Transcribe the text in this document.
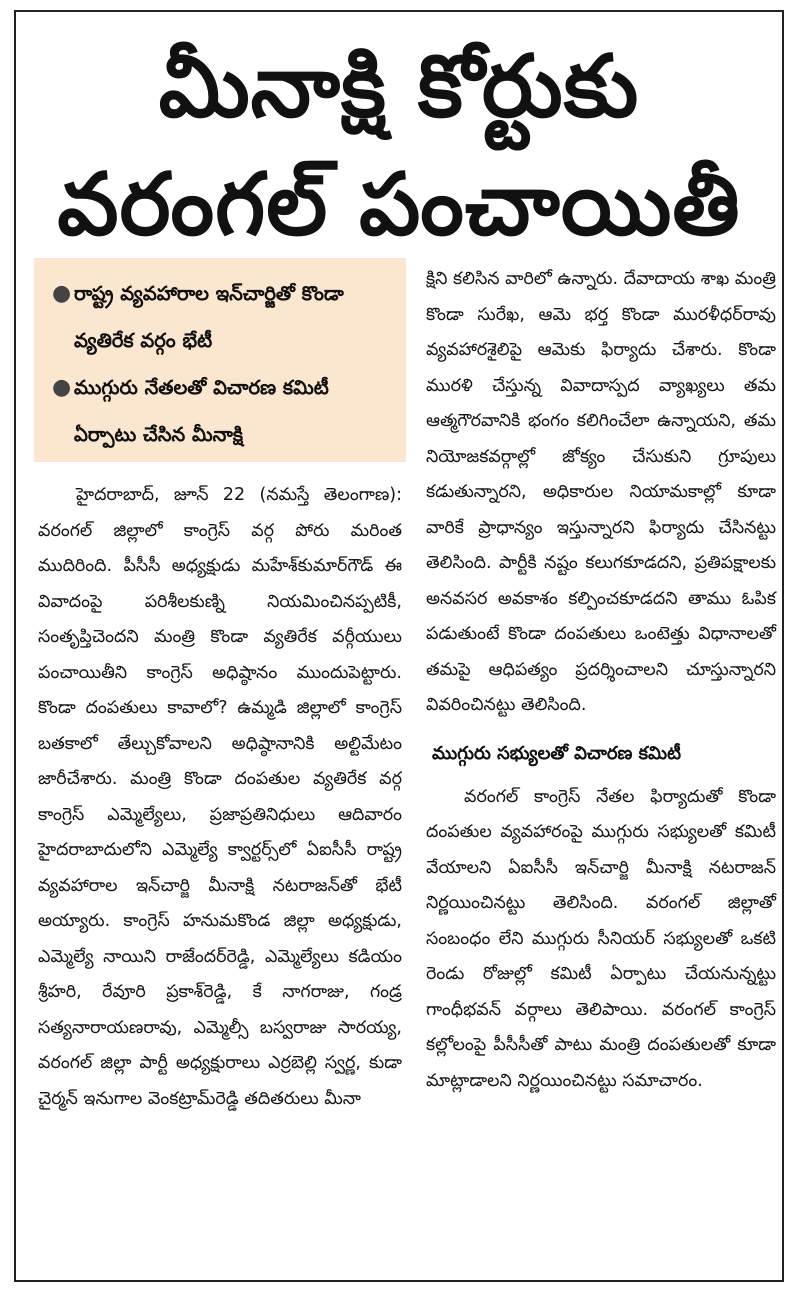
మీనాక్షి కోర్టుకు
వరంగల్ పంచాయితీ
● రాష్ట్ర వ్యవహారాల ఇన్‌చార్జితో కొండా వ్యతిరేక వర్గం భేటీ
● ముగ్గురు నేతలతో విచారణ కమిటీ ఏర్పాటు చేసిన మీనాక్షి

హైదరాబాద్, జూన్ 22 (నమస్తే తెలంగాణ): వరంగల్ జిల్లాలో కాంగ్రెస్ వర్గ పోరు మరింత ముదిరింది. పీసీసీ అధ్యక్షుడు మహేశ్‌కుమార్‌గౌడ్ ఈ వివాదంపై పరిశీలకుణ్ని నియమించినప్పటికీ, సంతృప్తిచెందని మంత్రి కొండా వ్యతిరేక వర్గీయులు పంచాయితీని కాంగ్రెస్ అధిష్ఠానం ముందుపెట్టారు. కొండా దంపతులు కావాలో? ఉమ్మడి జిల్లాలో కాంగ్రెస్ బతకాలో తేల్చుకోవాలని అధిష్ఠానానికి అల్టిమేటం జారీచేశారు. మంత్రి కొండా దంపతుల వ్యతిరేక వర్గ కాంగ్రెస్ ఎమ్మెల్యేలు, ప్రజాప్రతినిధులు ఆదివారం హైదరాబాదులోని ఎమ్మెల్యే క్వార్టర్స్‌లో ఏఐసీసీ రాష్ట్ర వ్యవహారాల ఇన్‌చార్జి మీనాక్షి నటరాజన్‌తో భేటీ అయ్యారు. కాంగ్రెస్ హనుమకొండ జిల్లా అధ్యక్షుడు, ఎమ్మెల్యే నాయిని రాజేందర్‌రెడ్డి, ఎమ్మెల్యేలు కడియం శ్రీహరి, రేవూరి ప్రకాశ్‌రెడ్డి, కే నాగరాజు, గండ్ర సత్యనారాయణరావు, ఎమ్మెల్సీ బస్వరాజు సారయ్య, వరంగల్ జిల్లా పార్టీ అధ్యక్షురాలు ఎర్రబెల్లి స్వర్ణ, కుడా చైర్మన్ ఇనుగాల వెంకట్రామ్‌రెడ్డి తదితరులు మీనా

క్షిని కలిసిన వారిలో ఉన్నారు. దేవాదాయ శాఖ మంత్రి కొండా సురేఖ, ఆమె భర్త కొండా మురళీధర్‌రావు వ్యవహారశైలిపై ఆమెకు ఫిర్యాదు చేశారు. కొండా మురళి చేస్తున్న వివాదాస్పద వ్యాఖ్యలు తమ ఆత్మగౌరవానికి భంగం కలిగించేలా ఉన్నాయని, తమ నియోజకవర్గాల్లో జోక్యం చేసుకుని గ్రూపులు కడుతున్నారని, అధికారుల నియామకాల్లో కూడా వారికే ప్రాధాన్యం ఇస్తున్నారని ఫిర్యాదు చేసినట్టు తెలిసింది. పార్టీకి నష్టం కలుగకూడదని, ప్రతిపక్షాలకు అనవసర అవకాశం కల్పించకూడదని తాము ఓపిక పడుతుంటే కొండా దంపతులు ఒంటెత్తు విధానాలతో తమపై ఆధిపత్యం ప్రదర్శించాలని చూస్తున్నారని వివరించినట్టు తెలిసింది.

ముగ్గురు సభ్యులతో విచారణ కమిటీ

వరంగల్ కాంగ్రెస్ నేతల ఫిర్యాదుతో కొండా దంపతుల వ్యవహారంపై ముగ్గురు సభ్యులతో కమిటీ వేయాలని ఏఐసీసీ ఇన్‌చార్జి మీనాక్షి నటరాజన్ నిర్ణయించినట్టు తెలిసింది. వరంగల్ జిల్లాతో సంబంధం లేని ముగ్గురు సీనియర్ సభ్యులతో ఒకటి రెండు రోజుల్లో కమిటీ ఏర్పాటు చేయనున్నట్టు గాంధీభవన్ వర్గాలు తెలిపాయి. వరంగల్ కాంగ్రెస్ కల్లోలంపై పీసీసీతో పాటు మంత్రి దంపతులతో కూడా మాట్లాడాలని నిర్ణయించినట్టు సమాచారం.
